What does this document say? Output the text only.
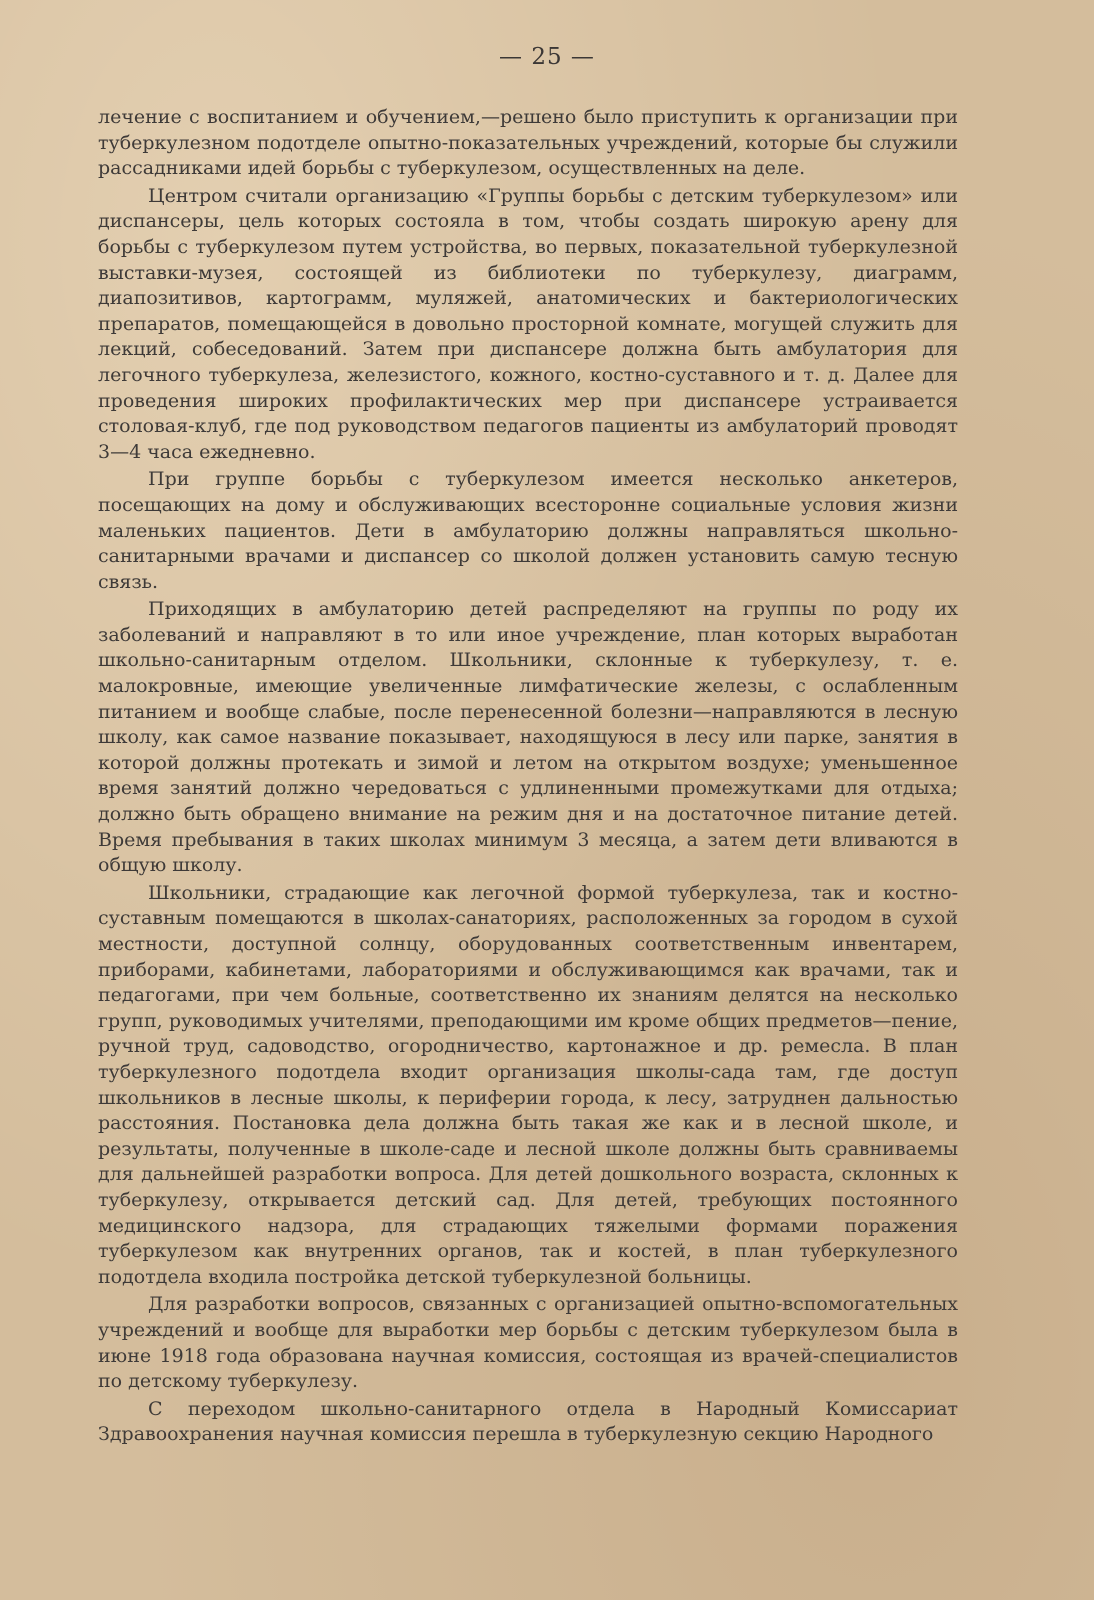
— 25 —

лечение с воспитанием и обучением,—решено было приступить к организации при туберкулезном подотделе опытно-показательных учреждений, которые бы служили рассадниками идей борьбы с туберкулезом, осуществленных на деле.

Центром считали организацию «Группы борьбы с детским туберкулезом» или диспансеры, цель которых состояла в том, чтобы создать широкую арену для борьбы с туберкулезом путем устройства, во первых, показательной туберкулезной выставки-музея, состоящей из библиотеки по туберкулезу, диаграмм, диапозитивов, картограмм, муляжей, анатомических и бактериологических препаратов, помещающейся в довольно просторной комнате, могущей служить для лекций, собеседований. Затем при диспансере должна быть амбулатория для легочного туберкулеза, железистого, кожного, костно-суставного и т. д. Далее для проведения широких профилактических мер при диспансере устраивается столовая-клуб, где под руководством педагогов пациенты из амбулаторий проводят 3—4 часа ежедневно.

При группе борьбы с туберкулезом имеется несколько анкетеров, посещающих на дому и обслуживающих всесторонне социальные условия жизни маленьких пациентов. Дети в амбулаторию должны направляться школьно-санитарными врачами и диспансер со школой должен установить самую тесную связь.

Приходящих в амбулаторию детей распределяют на группы по роду их заболеваний и направляют в то или иное учреждение, план которых выработан школьно-санитарным отделом. Школьники, склонные к туберкулезу, т. е. малокровные, имеющие увеличенные лимфатические железы, с ослабленным питанием и вообще слабые, после перенесенной болезни—направляются в лесную школу, как самое название показывает, находящуюся в лесу или парке, занятия в которой должны протекать и зимой и летом на открытом воздухе; уменьшенное время занятий должно чередоваться с удлиненными промежутками для отдыха; должно быть обращено внимание на режим дня и на достаточное питание детей. Время пребывания в таких школах минимум 3 месяца, а затем дети вливаются в общую школу.

Школьники, страдающие как легочной формой туберкулеза, так и костно-суставным помещаются в школах-санаториях, расположенных за городом в сухой местности, доступной солнцу, оборудованных соответственным инвентарем, приборами, кабинетами, лабораториями и обслуживающимся как врачами, так и педагогами, при чем больные, соответственно их знаниям делятся на несколько групп, руководимых учителями, преподающими им кроме общих предметов—пение, ручной труд, садоводство, огородничество, картонажное и др. ремесла. В план туберкулезного подотдела входит организация школы-сада там, где доступ школьников в лесные школы, к периферии города, к лесу, затруднен дальностью расстояния. Постановка дела должна быть такая же как и в лесной школе, и результаты, полученные в школе-саде и лесной школе должны быть сравниваемы для дальнейшей разработки вопроса. Для детей дошкольного возраста, склонных к туберкулезу, открывается детский сад. Для детей, требующих постоянного медицинского надзора, для страдающих тяжелыми формами поражения туберкулезом как внутренних органов, так и костей, в план туберкулезного подотдела входила постройка детской туберкулезной больницы.

Для разработки вопросов, связанных с организацией опытно-вспомогательных учреждений и вообще для выработки мер борьбы с детским туберкулезом была в июне 1918 года образована научная комиссия, состоящая из врачей-специалистов по детскому туберкулезу.

С переходом школьно-санитарного отдела в Народный Комиссариат Здравоохранения научная комиссия перешла в туберкулезную секцию Народного
